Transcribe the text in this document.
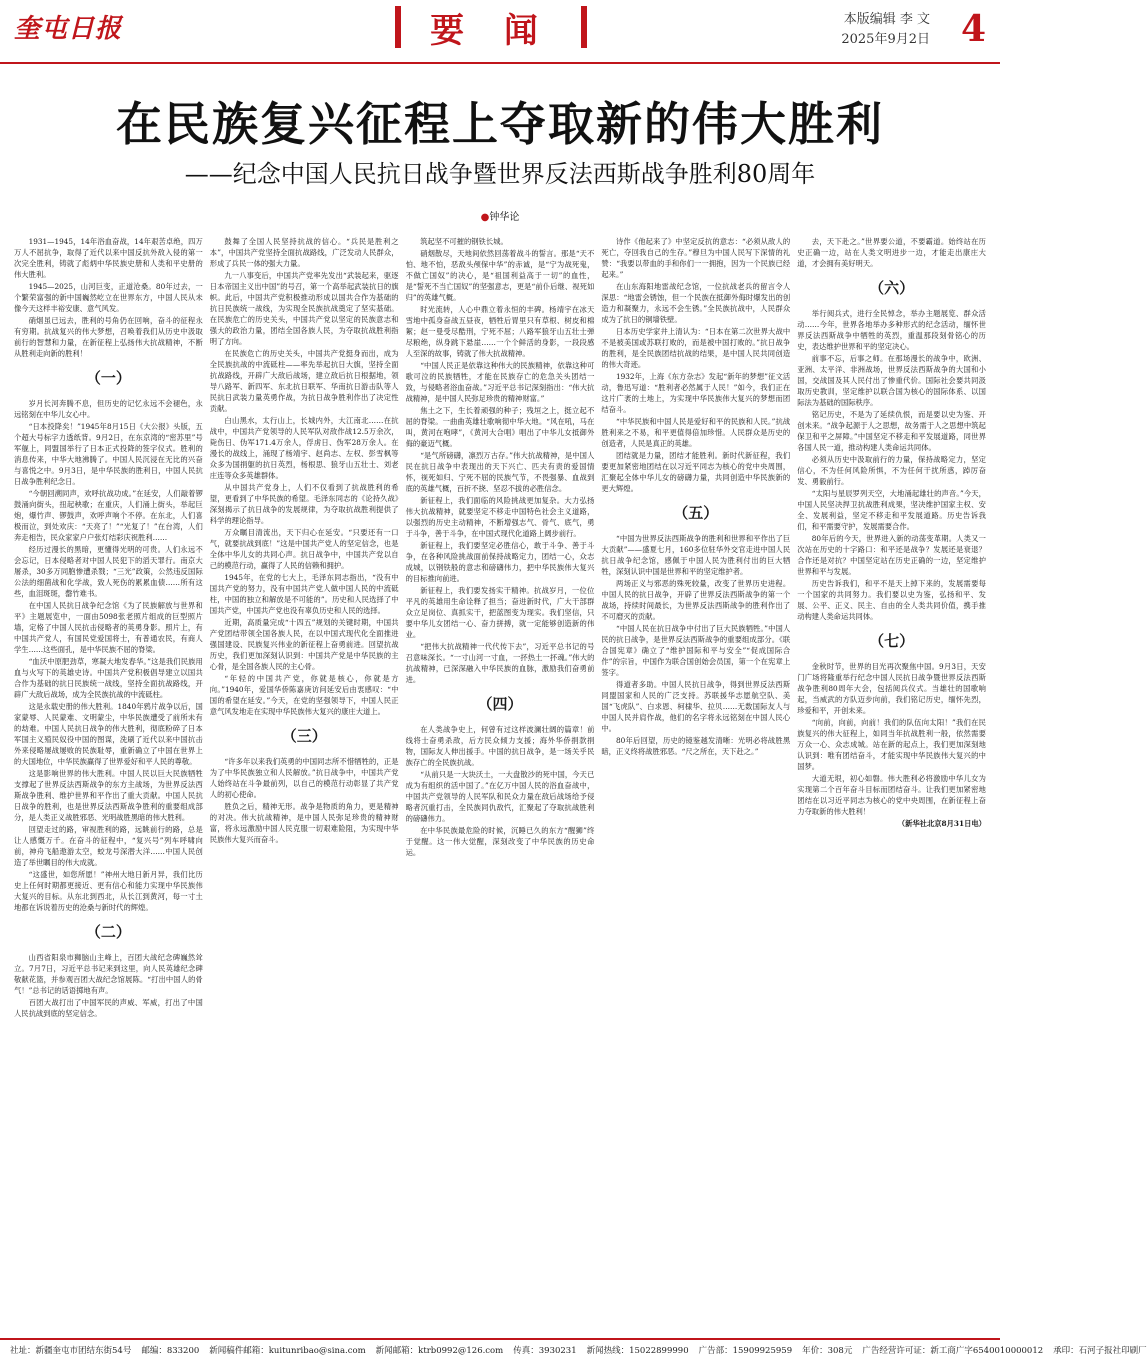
奎屯日报	要 闻	本版编辑 李 文
2025年9月2日 4
在民族复兴征程上夺取新的伟大胜利
——纪念中国人民抗日战争暨世界反法西斯战争胜利80周年
●钟华论

1931—1945，14年浴血奋战，14年艰苦卓绝，四万万人不屈抗争，取得了近代以来中国反抗外敌入侵的第一次完全胜利，铸就了彪炳中华民族史册和人类和平史册的伟大胜利。

1945—2025，山河巨变，正道沧桑。80年过去，一个繁荣富强的新中国巍然屹立在世界东方，中国人民从未像今天这样丰裕安康、意气风发。

硝烟虽已远去，胜利的号角仍在回响，奋斗的征程永有穷期。抗战复兴的伟大梦想，召唤着我们从历史中汲取前行的智慧和力量，在新征程上弘扬伟大抗战精神，不断从胜利走向新的胜利！

（一）

岁月长河奔腾不息，但历史的记忆永远不会褪色，永远铭刻在中华儿女心中。

“日本投降矣！”1945年8月15日《大公报》头版，五个超大号标字力透纸背。9月2日，在东京湾的“密苏里”号军舰上，同盟国举行了日本正式投降的签字仪式。胜利的消息传来，中华大地沸腾了。中国人民沉浸在无比的兴奋与喜悦之中。9月3日，是中华民族的胜利日，中国人民抗日战争胜利纪念日。

“今朝回溯同声，欢呼抗战功成。”在延安，人们敲着锣鼓涌向街头，扭起秧歌；在重庆，人们涌上街头，举起巨炮，爆竹声、锣鼓声，欢呼声响个不停。在东北，人们喜极而泣，到处欢庆：“天亮了！”“光复了！”在台湾，人们奔走相告，民众家家户户张灯结彩庆祝胜利……

经历过漫长的黑暗，更懂得光明的可贵。人们永远不会忘记，日本侵略者对中国人民犯下的滔天罪行。南京大屠杀，30多万同胞惨遭杀戮；“三光”政策，公然违反国际公法的细菌战和化学战，致人死伤的累累血债……所有这些，血泪斑斑，罄竹难书。

在中国人民抗日战争纪念馆《为了民族解放与世界和平》主题展览中，一面由5098张老照片组成的巨型照片墙，定格了中国人民抗击侵略者的英勇身影。照片上，有中国共产党人，有国民党爱国将士，有普通农民，有商人学生……这些面孔，是中华民族不屈的脊梁。

“血沃中原肥劲草，寒凝大地发春华。”这是我们民族用血与火写下的英雄史诗。中国共产党积极倡导建立以国共合作为基础的抗日民族统一战线，坚持全面抗战路线，开辟广大敌后战场，成为全民族抗战的中流砥柱。

这是永载史册的伟大胜利。1840年鸦片战争以后，国家蒙辱、人民蒙难、文明蒙尘，中华民族遭受了前所未有的劫难。中国人民抗日战争的伟大胜利，彻底粉碎了日本军国主义殖民奴役中国的图谋，洗刷了近代以来中国抗击外来侵略屡战屡败的民族耻辱，重新确立了中国在世界上的大国地位，中华民族赢得了世界爱好和平人民的尊敬。

这是影响世界的伟大胜利。中国人民以巨大民族牺牲支撑起了世界反法西斯战争的东方主战场，为世界反法西斯战争胜利、维护世界和平作出了重大贡献。中国人民抗日战争的胜利，也是世界反法西斯战争胜利的重要组成部分，是人类正义战胜邪恶、光明战胜黑暗的伟大胜利。

回望走过的路，审视胜利的路，远眺前行的路，总是让人感慨万千。在奋斗的征程中，“复兴号”列车呼啸向前，神舟飞船遨游太空，蛟龙号深潜大洋……中国人民创造了举世瞩目的伟大成就。

“这盛世，如您所愿！”神州大地日新月异，我们比历史上任何时期都更接近、更有信心和能力实现中华民族伟大复兴的目标。从东北到西北，从长江到黄河，每一寸土地都在诉说着历史的沧桑与新时代的辉煌。

（二）

山西省阳泉市狮脑山主峰上，百团大战纪念碑巍然耸立。7月7日，习近平总书记来到这里，向人民英雄纪念碑敬献花篮，并参观百团大战纪念馆展陈。“打出中国人的骨气！”总书记的话语掷地有声。

百团大战打出了中国军民的声威、军威，打出了中国人民抗战到底的坚定信念。

鼓舞了全国人民坚持抗战的信心。“兵民是胜利之本”，中国共产党坚持全面抗战路线，广泛发动人民群众，形成了兵民一体的强大力量。

九一八事变后，中国共产党率先发出“武装起来，驱逐日本帝国主义出中国”的号召，第一个高举起武装抗日的旗帜。此后，中国共产党积极推动形成以国共合作为基础的抗日民族统一战线，为实现全民族抗战奠定了坚实基础。在民族危亡的历史关头，中国共产党以坚定的民族意志和强大的政治力量，团结全国各族人民，为夺取抗战胜利指明了方向。

在民族危亡的历史关头，中国共产党挺身而出，成为全民族抗战的中流砥柱——率先举起抗日大旗，坚持全面抗战路线，开辟广大敌后战场，建立敌后抗日根据地，领导八路军、新四军、东北抗日联军、华南抗日游击队等人民抗日武装力量英勇作战，为抗日战争胜利作出了决定性贡献。

白山黑水，太行山上，长城内外，大江南北……在抗战中，中国共产党领导的人民军队对敌作战12.5万余次，毙伤日、伪军171.4万余人，俘虏日、伪军28万余人。在漫长的战线上，涌现了杨靖宇、赵尚志、左权、彭雪枫等众多为国捐躯的抗日英烈，杨根思、狼牙山五壮士、刘老庄连等众多英雄群体。

从中国共产党身上，人们不仅看到了抗战胜利的希望，更看到了中华民族的希望。毛泽东同志的《论持久战》深刻揭示了抗日战争的发展规律，为夺取抗战胜利提供了科学的理论指导。

万众瞩目清流出，天下归心在延安。“只要还有一口气，就要抗战到底！”这是中国共产党人的坚定信念，也是全体中华儿女的共同心声。抗日战争中，中国共产党以自己的模范行动，赢得了人民的信赖和拥护。

1945年，在党的七大上，毛泽东同志指出，“没有中国共产党的努力，没有中国共产党人做中国人民的中流砥柱，中国的独立和解放是不可能的”。历史和人民选择了中国共产党，中国共产党也没有辜负历史和人民的选择。

近期，高质量完成“十四五”规划的关键时期，中国共产党团结带领全国各族人民，在以中国式现代化全面推进强国建设、民族复兴伟业的新征程上奋勇前进。回望抗战历史，我们更加深刻认识到：中国共产党是中华民族的主心骨，是全国各族人民的主心骨。

“年轻的中国共产党，你就是核心，你就是方向。”1940年，爱国华侨陈嘉庚访问延安后由衷感叹：“中国的希望在延安。”今天，在党的坚强领导下，中国人民正意气风发地走在实现中华民族伟大复兴的康庄大道上。

（三）

“许多年以来我们英勇的中国同志所不惜牺牲的，正是为了中华民族独立和人民解放。”抗日战争中，中国共产党人始终站在斗争最前列，以自己的模范行动彰显了共产党人的初心使命。

胜负之后，精神无形。战争是物质的角力，更是精神的对决。伟大抗战精神，是中国人民弥足珍贵的精神财富，将永远激励中国人民克服一切艰难险阻，为实现中华民族伟大复兴而奋斗。

筑起坚不可摧的钢铁长城。

硝烟散尽，天地间依然回荡着战斗的誓言。那是“天不怕、地不怕，恶敌头颅保中华”的赤诚，是“宁为战死鬼，不做亡国奴”的决心，是“祖国利益高于一切”的血性，是“誓死不当亡国奴”的坚强意志，更是“前仆后继、视死如归”的英雄气概。

时光流转，人心中鼎立着永恒的丰碑。杨靖宇在冰天雪地中孤身奋战五昼夜，牺牲后胃里只有草根、树皮和棉絮；赵一曼受尽酷刑，宁死不屈；八路军狼牙山五壮士弹尽粮绝，纵身跳下悬崖……一个个鲜活的身影，一段段感人至深的故事，铸就了伟大抗战精神。

“中国人民正是依靠这种伟大的民族精神，依靠这种可歌可泣的民族牺牲，才能在民族存亡的危急关头团结一致，与侵略者浴血奋战。”习近平总书记深刻指出：“伟大抗战精神，是中国人民弥足珍贵的精神财富。”

焦土之下，生长着顽强的种子；残垣之上，挺立起不屈的脊梁。一曲曲英雄壮歌响彻中华大地。“风在吼，马在叫，黄河在咆哮”，《黄河大合唱》唱出了中华儿女抵御外侮的豪迈气概。

“是气所磅礴，凛烈万古存。”伟大抗战精神，是中国人民在抗日战争中表现出的天下兴亡、匹夫有责的爱国情怀，视死如归、宁死不屈的民族气节，不畏强暴、血战到底的英雄气概，百折不挠、坚忍不拔的必胜信念。

新征程上，我们面临的风险挑战更加复杂。大力弘扬伟大抗战精神，就要坚定不移走中国特色社会主义道路，以强烈的历史主动精神，不断增强志气、骨气、底气，勇于斗争，善于斗争，在中国式现代化道路上阔步前行。

新征程上，我们要坚定必胜信心，敢于斗争、善于斗争，在各种风险挑战面前保持战略定力，团结一心，众志成城，以钢铁般的意志和磅礴伟力，把中华民族伟大复兴的目标推向前进。

新征程上，我们要发扬实干精神。抗战岁月，一位位平凡的英雄用生命诠释了担当；奋进新时代，广大干部群众立足岗位、真抓实干，把蓝图变为现实。我们坚信，只要中华儿女团结一心、奋力拼搏，就一定能够创造新的伟业。

“把伟大抗战精神一代代传下去”，习近平总书记的号召意味深长。“一寸山河一寸血，一抔热土一抔魂。”伟大的抗战精神，已深深融入中华民族的血脉，激励我们奋勇前进。

（四）

在人类战争史上，何曾有过这样波澜壮阔的篇章！前线将士奋勇杀敌，后方民众倾力支援；海外华侨捐款捐物，国际友人伸出援手。中国的抗日战争，是一场关乎民族存亡的全民族抗战。

“从前只是一大块沃土，一大盘散沙的死中国，今天已成为有组织的活中国了。”在亿万中国人民的浴血奋战中，中国共产党领导的人民军队和民众力量在敌后战场给予侵略者沉重打击，全民族同仇敌忾，汇聚起了夺取抗战胜利的磅礴伟力。

在中华民族最危险的时候，沉睡已久的东方“醒狮”终于觉醒。这一伟大觉醒，深刻改变了中华民族的历史命运。

诗作《他起来了》中坚定反抗的意志：“必须从敌人的死亡，夺回我自己的生存。”穆旦为中国人民写下深情的礼赞：“我要以带血的手和你们一一拥抱，因为一个民族已经起来。”

在山东海阳地雷战纪念馆，一位抗战老兵的留言令人深思：“地雷会锈蚀，但一个民族在抵御外侮时爆发出的创造力和凝聚力，永远不会生锈。”全民族抗战中，人民群众成为了抗日的铜墙铁壁。

日本历史学家井上清认为：“日本在第二次世界大战中不是被美国或苏联打败的，而是被中国打败的。”抗日战争的胜利，是全民族团结抗战的结果，是中国人民共同创造的伟大奇迹。

1932年，上海《东方杂志》发起“新年的梦想”征文活动，鲁迅写道：“胜利者必然属于人民！”如今，我们正在这片广袤的土地上，为实现中华民族伟大复兴的梦想而团结奋斗。

“中华民族和中国人民是爱好和平的民族和人民。”抗战胜利来之不易，和平更值得倍加珍惜。人民群众是历史的创造者，人民是真正的英雄。

团结就是力量，团结才能胜利。新时代新征程，我们要更加紧密地团结在以习近平同志为核心的党中央周围，汇聚起全体中华儿女的磅礴力量，共同创造中华民族新的更大辉煌。

（五）

“中国为世界反法西斯战争的胜利和世界和平作出了巨大贡献”——盛夏七月，160多位驻华外交官走进中国人民抗日战争纪念馆，感佩于中国人民为胜利付出的巨大牺牲，深刻认识中国是世界和平的坚定维护者。

两场正义与邪恶的殊死较量，改变了世界历史进程。中国人民的抗日战争，开辟了世界反法西斯战争的第一个战场，持续时间最长，为世界反法西斯战争的胜利作出了不可磨灭的贡献。

“中国人民在抗日战争中付出了巨大民族牺牲。”中国人民的抗日战争，是世界反法西斯战争的重要组成部分。《联合国宪章》确立了“维护国际和平与安全”“促成国际合作”的宗旨，中国作为联合国创始会员国，第一个在宪章上签字。

得道者多助。中国人民抗日战争，得到世界反法西斯同盟国家和人民的广泛支持。苏联援华志愿航空队、美国“飞虎队”、白求恩、柯棣华、拉贝……无数国际友人与中国人民并肩作战，他们的名字将永远铭刻在中国人民心中。

80年后回望，历史的镜鉴越发清晰：光明必将战胜黑暗，正义终将战胜邪恶。“尺之所在，天下赴之。”

去，天下赴之。”世界要公道，不要霸道。始终站在历史正确一边，站在人类文明进步一边，才能走出康庄大道，才会拥有美好明天。

（六）

举行阅兵式，进行全民悼念，举办主题展览、群众活动……今年，世界各地举办多种形式的纪念活动，缅怀世界反法西斯战争中牺牲的英烈，重温那段刻骨铭心的历史，表达维护世界和平的坚定决心。

前事不忘，后事之师。在那场漫长的战争中，欧洲、亚洲、太平洋、非洲战场，世界反法西斯战争的大国和小国，交战国及其人民付出了惨重代价。国际社会要共同汲取历史教训，坚定维护以联合国为核心的国际体系、以国际法为基础的国际秩序。

铭记历史，不是为了延续仇恨，而是要以史为鉴、开创未来。“战争起源于人之思想，故务需于人之思想中筑起保卫和平之屏障。”中国坚定不移走和平发展道路，同世界各国人民一道，推动构建人类命运共同体。

必须从历史中汲取前行的力量，保持战略定力，坚定信心，不为任何风险所惧，不为任何干扰所惑，踔厉奋发、勇毅前行。

“太阳与星辰罗列天空，大地涌起雄壮的声音。”今天，中国人民坚决捍卫抗战胜利成果，坚决维护国家主权、安全、发展利益，坚定不移走和平发展道路。历史告诉我们，和平需要守护，发展需要合作。

80年后的今天，世界进入新的动荡变革期。人类又一次站在历史的十字路口：和平还是战争？发展还是衰退？合作还是对抗？中国坚定站在历史正确的一边，坚定维护世界和平与发展。

历史告诉我们，和平不是天上掉下来的，发展需要每一个国家的共同努力。我们要以史为鉴，弘扬和平、发展、公平、正义、民主、自由的全人类共同价值，携手推动构建人类命运共同体。

（七）

金秋时节，世界的目光再次聚焦中国。9月3日，天安门广场将隆重举行纪念中国人民抗日战争暨世界反法西斯战争胜利80周年大会，包括阅兵仪式。当雄壮的国歌响起，当威武的方队迈步向前，我们铭记历史，缅怀先烈，珍爱和平，开创未来。

“向前，向前，向前！我们的队伍向太阳！”我们在民族复兴的伟大征程上，如同当年抗战胜利一般，依然需要万众一心、众志成城。站在新的起点上，我们更加深刻地认识到：唯有团结奋斗，才能实现中华民族伟大复兴的中国梦。

大道无垠，初心如磐。伟大胜利必将激励中华儿女为实现第二个百年奋斗目标而团结奋斗。让我们更加紧密地团结在以习近平同志为核心的党中央周围，在新征程上奋力夺取新的伟大胜利！

（新华社北京8月31日电）

社址：新疆奎屯市团结东街54号 邮编：833200 新闻稿件邮箱：kuitunribao@sina.com 新闻邮箱：ktrb0992@126.com 传真：3930231 新闻热线：15022899990 广告部：15909925959 年价：308元 广告经营许可证：新工商广字6540010000012 承印：石河子报社印刷厂
